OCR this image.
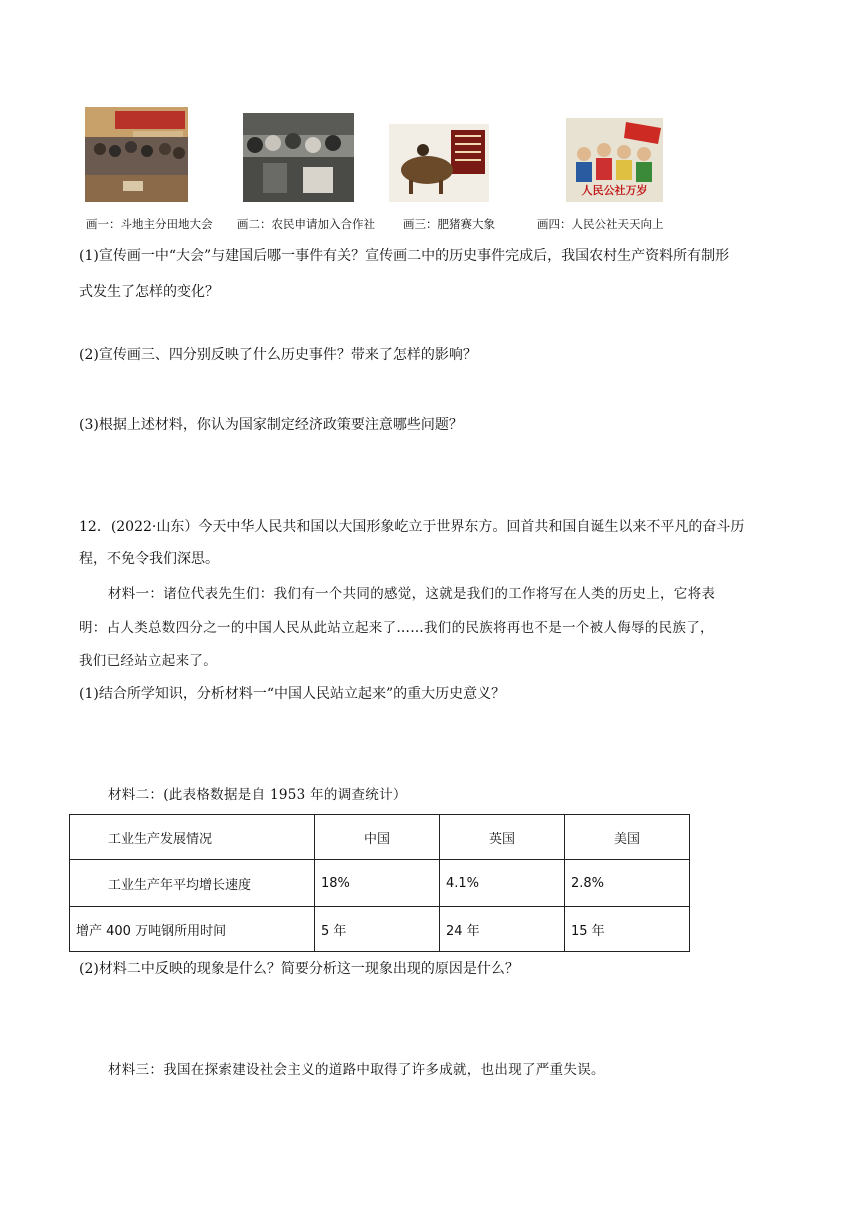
人民公社万岁
画一：斗地主分田地大会 画二：农民申请加入合作社 画三：肥猪赛大象	画四：人民公社天天向上
(1)宣传画一中“大会”与建国后哪一事件有关？宣传画二中的历史事件完成后，我国农村生产资料所有制形
式发生了怎样的变化？
(2)宣传画三、四分别反映了什么历史事件？带来了怎样的影响？
(3)根据上述材料，你认为国家制定经济政策要注意哪些问题？
12．(2022·山东）今天中华人民共和国以大国形象屹立于世界东方。回首共和国自诞生以来不平凡的奋斗历
程，不免令我们深思。
材料一：诸位代表先生们：我们有一个共同的感觉，这就是我们的工作将写在人类的历史上，它将表
明：占人类总数四分之一的中国人民从此站立起来了……我们的民族将再也不是一个被人侮辱的民族了，
我们已经站立起来了。
(1)结合所学知识，分析材料一“中国人民站立起来”的重大历史意义？
材料二：(此表格数据是自 1953 年的调查统计）
工业生产发展情况	中国	英国	美国
工业生产年平均增长速度	18%	4.1%	2.8%
增产 400 万吨钢所用时间	5 年	24 年	15 年
(2)材料二中反映的现象是什么？简要分析这一现象出现的原因是什么？
材料三：我国在探索建设社会主义的道路中取得了许多成就，也出现了严重失误。
